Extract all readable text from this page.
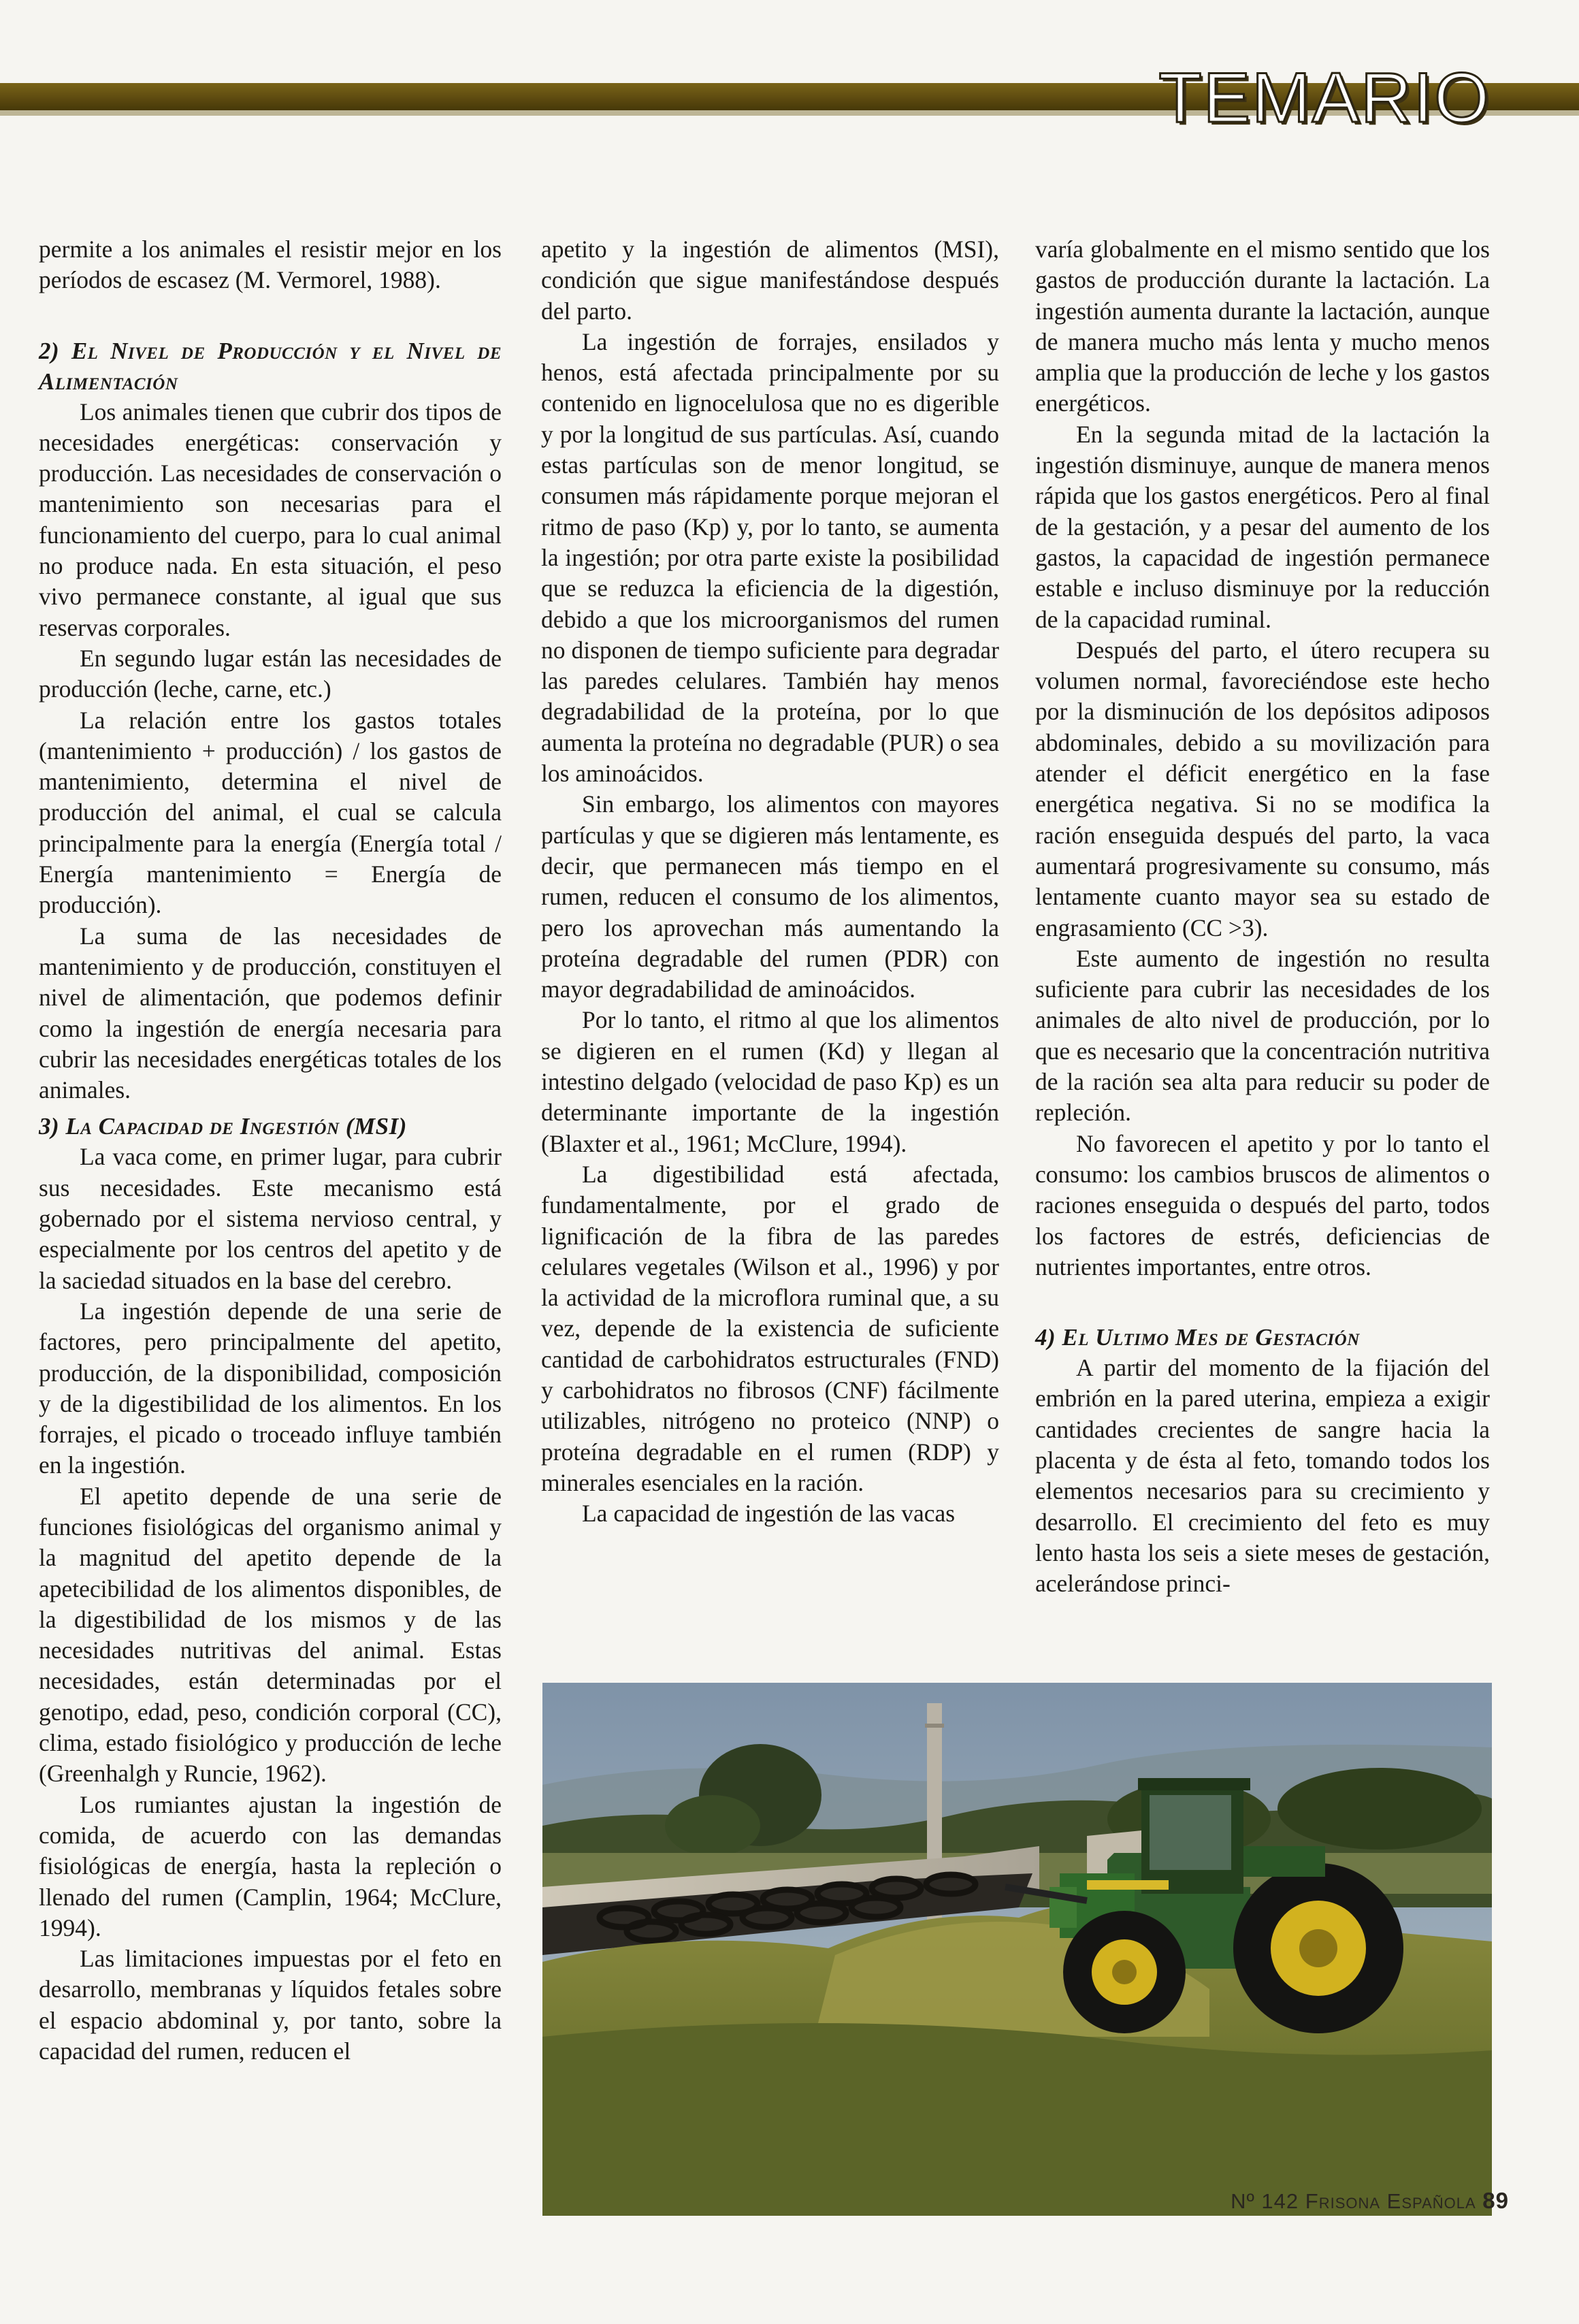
TEMARIO

permite a los animales el resistir mejor en los períodos de escasez (M. Vermorel, 1988).

2) El Nivel de Producción y el Nivel de Alimentación

Los animales tienen que cubrir dos tipos de necesidades energéticas: conservación y producción. Las necesidades de conservación o mantenimiento son necesarias para el funcionamiento del cuerpo, para lo cual animal no produce nada. En esta situación, el peso vivo permanece constante, al igual que sus reservas corporales.

En segundo lugar están las necesidades de producción (leche, carne, etc.)

La relación entre los gastos totales (mantenimiento + producción) / los gastos de mantenimiento, determina el nivel de producción del animal, el cual se calcula principalmente para la energía (Energía total / Energía mantenimiento = Energía de producción).

La suma de las necesidades de mantenimiento y de producción, constituyen el nivel de alimentación, que podemos definir como la ingestión de energía necesaria para cubrir las necesidades energéticas totales de los animales.

3) La Capacidad de Ingestión (MSI)

La vaca come, en primer lugar, para cubrir sus necesidades. Este mecanismo está gobernado por el sistema nervioso central, y especialmente por los centros del apetito y de la saciedad situados en la base del cerebro.

La ingestión depende de una serie de factores, pero principalmente del apetito, producción, de la disponibilidad, composición y de la digestibilidad de los alimentos. En los forrajes, el picado o troceado influye también en la ingestión.

El apetito depende de una serie de funciones fisiológicas del organismo animal y la magnitud del apetito depende de la apetecibilidad de los alimentos disponibles, de la digestibilidad de los mismos y de las necesidades nutritivas del animal. Estas necesidades, están determinadas por el genotipo, edad, peso, condición corporal (CC), clima, estado fisiológico y producción de leche (Greenhalgh y Runcie, 1962).

Los rumiantes ajustan la ingestión de comida, de acuerdo con las demandas fisiológicas de energía, hasta la repleción o llenado del rumen (Camplin, 1964; McClure, 1994).

Las limitaciones impuestas por el feto en desarrollo, membranas y líquidos fetales sobre el espacio abdominal y, por tanto, sobre la capacidad del rumen, reducen el

apetito y la ingestión de alimentos (MSI), condición que sigue manifestándose después del parto.

La ingestión de forrajes, ensilados y henos, está afectada principalmente por su contenido en lignocelulosa que no es digerible y por la longitud de sus partículas. Así, cuando estas partículas son de menor longitud, se consumen más rápidamente porque mejoran el ritmo de paso (Kp) y, por lo tanto, se aumenta la ingestión; por otra parte existe la posibilidad que se reduzca la eficiencia de la digestión, debido a que los microorganismos del rumen no disponen de tiempo suficiente para degradar las paredes celulares. También hay menos degradabilidad de la proteína, por lo que aumenta la proteína no degradable (PUR) o sea los aminoácidos.

Sin embargo, los alimentos con mayores partículas y que se digieren más lentamente, es decir, que permanecen más tiempo en el rumen, reducen el consumo de los alimentos, pero los aprovechan más aumentando la proteína degradable del rumen (PDR) con mayor degradabilidad de aminoácidos.

Por lo tanto, el ritmo al que los alimentos se digieren en el rumen (Kd) y llegan al intestino delgado (velocidad de paso Kp) es un determinante importante de la ingestión (Blaxter et al., 1961; McClure, 1994).

La digestibilidad está afectada, fundamentalmente, por el grado de lignificación de la fibra de las paredes celulares vegetales (Wilson et al., 1996) y por la actividad de la microflora ruminal que, a su vez, depende de la existencia de suficiente cantidad de carbohidratos estructurales (FND) y carbohidratos no fibrosos (CNF) fácilmente utilizables, nitrógeno no proteico (NNP) o proteína degradable en el rumen (RDP) y minerales esenciales en la ración.

La capacidad de ingestión de las vacas

varía globalmente en el mismo sentido que los gastos de producción durante la lactación. La ingestión aumenta durante la lactación, aunque de manera mucho más lenta y mucho menos amplia que la producción de leche y los gastos energéticos.

En la segunda mitad de la lactación la ingestión disminuye, aunque de manera menos rápida que los gastos energéticos. Pero al final de la gestación, y a pesar del aumento de los gastos, la capacidad de ingestión permanece estable e incluso disminuye por la reducción de la capacidad ruminal.

Después del parto, el útero recupera su volumen normal, favoreciéndose este hecho por la disminución de los depósitos adiposos abdominales, debido a su movilización para atender el déficit energético en la fase energética negativa. Si no se modifica la ración enseguida después del parto, la vaca aumentará progresivamente su consumo, más lentamente cuanto mayor sea su estado de engrasamiento (CC >3).

Este aumento de ingestión no resulta suficiente para cubrir las necesidades de los animales de alto nivel de producción, por lo que es necesario que la concentración nutritiva de la ración sea alta para reducir su poder de repleción.

No favorecen el apetito y por lo tanto el consumo: los cambios bruscos de alimentos o raciones enseguida o después del parto, todos los factores de estrés, deficiencias de nutrientes importantes, entre otros.

4) El Ultimo Mes de Gestación

A partir del momento de la fijación del embrión en la pared uterina, empieza a exigir cantidades crecientes de sangre hacia la placenta y de ésta al feto, tomando todos los elementos necesarios para su crecimiento y desarrollo. El crecimiento del feto es muy lento hasta los seis a siete meses de gestación, acelerándose princi-

Nº 142 Frisona Española 89
